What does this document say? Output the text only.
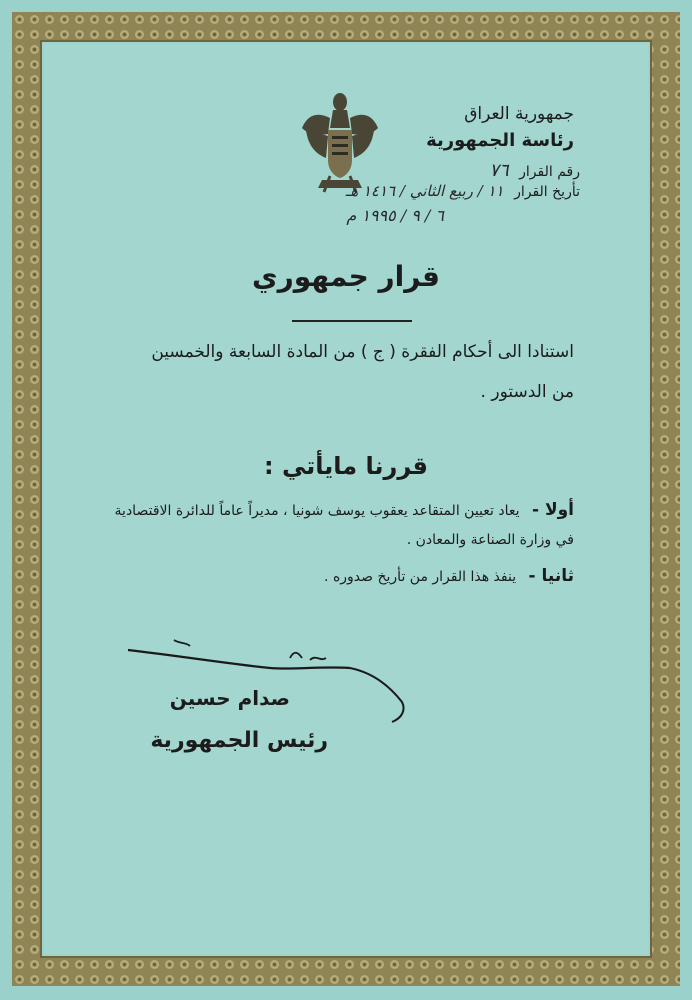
جمهورية العراق
رئاسة الجمهورية
رقم القرار ٧٦
تأريخ القرار ١١ / ربيع الثاني / ١٤١٦ هـ
٦ / ٩ / ١٩٩٥ م
قرار جمهوري
استنادا الى أحكام الفقرة ( ج ) من المادة السابعة والخمسين
من الدستور .
قررنا مايأتي :
أولا - يعاد تعيين المتقاعد يعقوب يوسف شونيا ، مديراً عاماً للدائرة الاقتصادية
في وزارة الصناعة والمعادن .
ثانيا - ينفذ هذا القرار من تأريخ صدوره .
صدام حسين
رئيس الجمهورية
